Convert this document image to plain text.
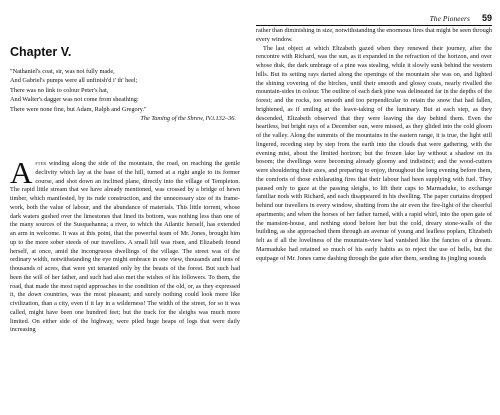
The Pioneers 59
Chapter V.
"Nathaniel's coat, sir, was not fully made,
And Gabriel's pumps were all unfinish'd i' th' heel;
There was no link to colour Peter's hat,
And Walter's dagger was not come from sheathing:
There were none fine, but Adam, Ralph and Gregory."
The Taming of the Shrew, IV.i.132–36.

After winding along the side of the mountain, the road, on reaching the gentle declivity which lay at the base of the hill, turned at a right angle to its former course, and shot down an inclined plane, directly into the village of Templeton. The rapid little stream that we have already mentioned, was crossed by a bridge of hewn timber, which manifested, by its rude construction, and the unnecessary size of its frame-work, both the value of labour, and the abundance of materials. This little torrent, whose dark waters gushed over the limestones that lined its bottom, was nothing less than one of the many sources of the Susquehanna; a river, to which the Atlantic herself, has extended an arm in welcome. It was at this point, that the powerful team of Mr. Jones, brought him up to the more sober steeds of our travellers. A small hill was risen, and Elizabeth found herself, at once, amid the incongruous dwellings of the village. The street was of the ordinary width, notwithstanding the eye might embrace in one view, thousands and tens of thousands of acres, that were yet tenanted only by the beasts of the forest. But such had been the will of her father, and such had also met the wishes of his followers. To them, the road, that made the most rapid approaches to the condition of the old, or, as they expressed it, the down countries, was the most pleasant; and surely nothing could look more like civilization, than a city, even if it lay in a wilderness! The width of the street, for so it was called, might have been one hundred feet; but the track for the sleighs was much more limited. On either side of the highway, were piled huge heaps of logs that were daily increasing

rather than diminishing in size, notwithstanding the enormous fires that might be seen through every window.

The last object at which Elizabeth gazed when they renewed their journey, after the rencontre with Richard, was the sun, as it expanded in the refraction of the horizon, and over whose disk, the dark umbrage of a pine was stealing, while it slowly sunk behind the western hills. But its setting rays darted along the openings of the mountain she was on, and lighted the shining covering of the birches, until their smooth and glossy coats, nearly rivalled the mountain-sides in colour. The outline of each dark pine was delineated far in the depths of the forest; and the rocks, too smooth and too perpendicular to retain the snow that had fallen, brightened, as if smiling at the leave-taking of the luminary. But at each step, as they descended, Elizabeth observed that they were leaving the day behind them. Even the heartless, but bright rays of a December sun, were missed, as they glided into the cold gloom of the valley. Along the summits of the mountains in the eastern range, it is true, the light still lingered, receding step by step from the earth into the clouds that were gathering, with the evening mist, about the limited horizon; but the frozen lake lay without a shadow on its bosom; the dwellings were becoming already gloomy and indistinct; and the wood-cutters were shouldering their axes, and preparing to enjoy, throughout the long evening before them, the comforts of those exhilarating fires that their labour had been supplying with fuel. They paused only to gaze at the passing sleighs, to lift their caps to Marmaduke, to exchange familiar nods with Richard, and each disappeared in his dwelling. The paper curtains dropped behind our travellers in every window, shutting from the air even the fire-light of the cheerful apartments; and when the horses of her father turned, with a rapid whirl, into the open gate of the mansion-house, and nothing stood before her but the cold, dreary stone-walls of the building, as she approached them through an avenue of young and leafless poplars, Elizabeth felt as if all the loveliness of the mountain-view had vanished like the fancies of a dream. Marmaduke had retained so much of his early habits as to reject the use of bells, but the equipage of Mr. Jones came dashing through the gate after them, sending its jingling sounds
